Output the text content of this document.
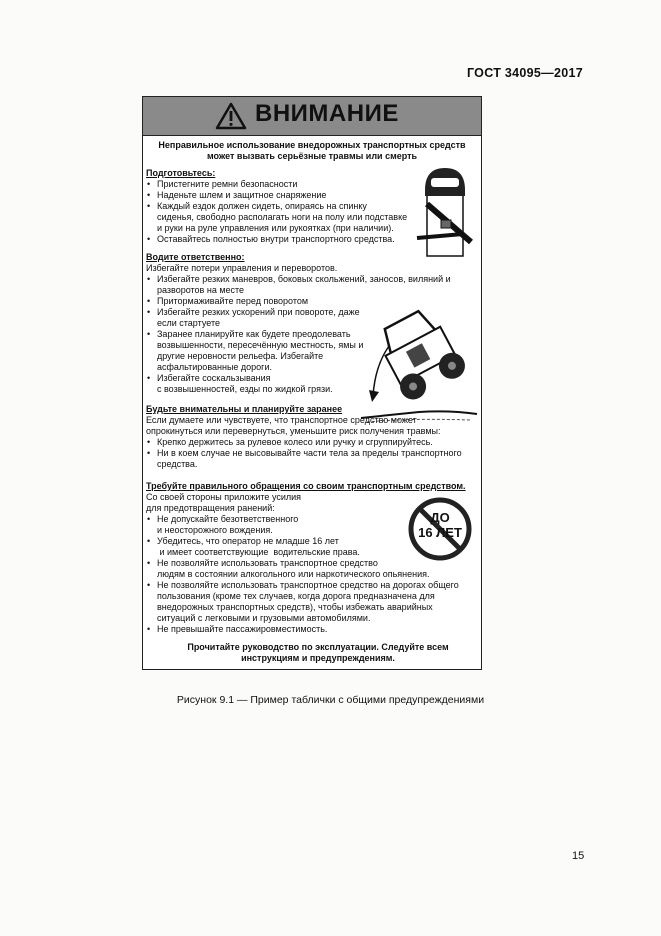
ГОСТ 34095—2017
ВНИМАНИЕ
Неправильное использование внедорожных транспортных средств
может вызвать серьёзные травмы или смерть
Подготовьтесь:
• Пристегните ремни безопасности
• Наденьте шлем и защитное снаряжение
• Каждый ездок должен сидеть, опираясь на спинку
сиденья, свободно располагать ноги на полу или подставке
и руки на руле управления или рукоятках (при наличии).
• Оставайтесь полностью внутри транспортного средства.
Водите ответственно:
Избегайте потери управления и переворотов.
• Избегайте резких маневров, боковых скольжений, заносов, виляний и
разворотов на месте
• Притормаживайте перед поворотом
• Избегайте резких ускорений при повороте, даже
если стартуете
• Заранее планируйте как будете преодолевать
возвышенности, пересечённую местность, ямы и
другие неровности рельефа. Избегайте
асфальтированные дороги.
• Избегайте соскальзывания
с возвышенностей, езды по жидкой грязи.
Будьте внимательны и планируйте заранее
Если думаете или чувствуете, что транспортное средство может
опрокинуться или перевернуться, уменьшите риск получения травмы:
• Крепко держитесь за рулевое колесо или ручку и сгруппируйтесь.
• Ни в коем случае не высовывайте части тела за пределы транспортного
средства.
Требуйте правильного обращения со своим транспортным средством.
Со своей стороны приложите усилия
для предотвращения ранений:
• Не допускайте безответственного
и неосторожного вождения.
• Убедитесь, что оператор не младше 16 лет
и имеет соответствующие  водительские права.
• Не позволяйте использовать транспортное средство
людям в состоянии алкогольного или наркотического опьянения.
• Не позволяйте использовать транспортное средство на дорогах общего
пользования (кроме тех случаев, когда дорога предназначена для
внедорожных транспортных средств), чтобы избежать аварийных
ситуаций с легковыми и грузовыми автомобилями.
• Не превышайте пассажировместимость.
ДО
16 ЛЕТ
Прочитайте руководство по эксплуатации. Следуйте всем
инструкциям и предупреждениям.
Рисунок 9.1 — Пример таблички с общими предупреждениями
15
